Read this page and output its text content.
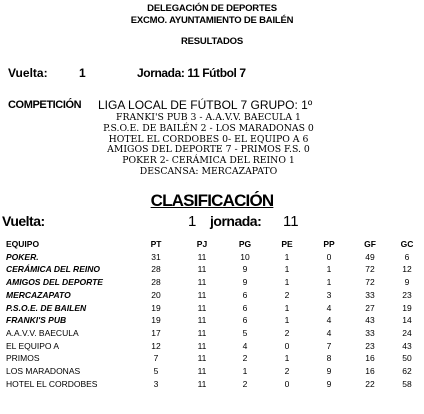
DELEGACIÓN DE DEPORTES
EXCMO. AYUNTAMIENTO DE BAILÉN
RESULTADOS
Vuelta:	1	Jornada: 11 Fútbol 7
COMPETICIÓN LIGA LOCAL DE FÚTBOL 7 GRUPO: 1º
FRANKI'S PUB 3 - A.A.V.V. BAECULA 1
P.S.O.E. DE BAILÉN 2 - LOS MARADONAS 0
HOTEL EL CORDOBES 0- EL EQUIPO A 6
AMIGOS DEL DEPORTE 7 - PRIMOS F.S. 0
POKER 2- CERÁMICA DEL REINO 1
DESCANSA: MERCAZAPATO
CLASIFICACIÓN
Vuelta:	1 jornada: 11
EQUIPO	PT	PJ	PG	PE	PP	GF	GC
POKER.	31	11	10	1	0	49	6
CERÁMICA DEL REINO	28	11	9	1	1	72	12
AMIGOS DEL DEPORTE	28	11	9	1	1	72	9
MERCAZAPATO	20	11	6	2	3	33	23
P.S.O.E. DE BAILEN	19	11	6	1	4	27	19
FRANKI'S PUB	19	11	6	1	4	43	14
A.A.V.V. BAECULA	17	11	5	2	4	33	24
EL EQUIPO A	12	11	4	0	7	23	43
PRIMOS	7	11	2	1	8	16	50
LOS MARADONAS	5	11	1	2	9	16	62
HOTEL EL CORDOBES	3	11	2	0	9	22	58
